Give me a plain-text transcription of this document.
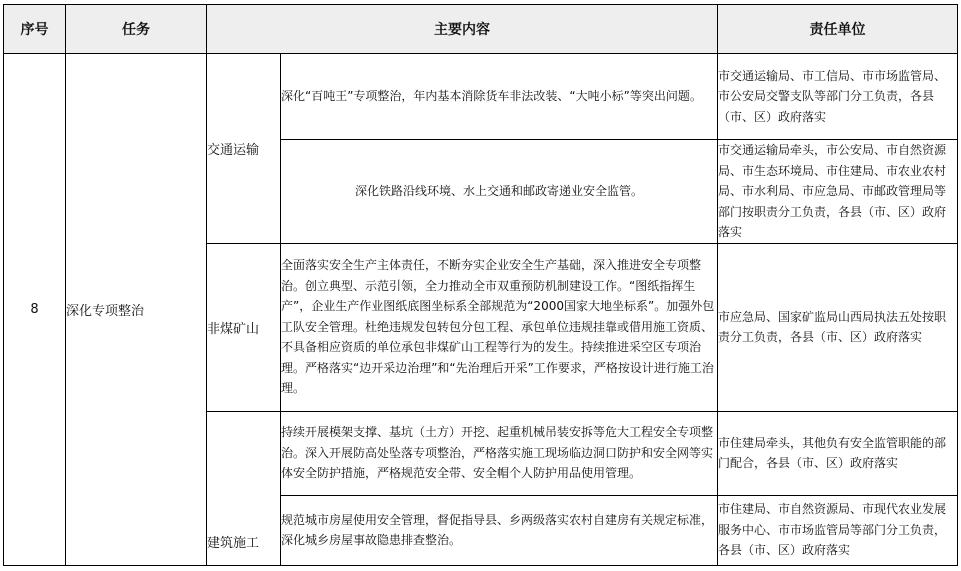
序号	任务	主要内容		责任单位
8	深化专项整治	交通运输	深化“百吨王”专项整治，年内基本消除货车非法改装、“大吨小标”等突出问题。	市交通运输局、市工信局、市市场监管局、市公安局交警支队等部门分工负责，各县（市、区）政府落实
			深化铁路沿线环境、水上交通和邮政寄递业安全监管。	市交通运输局牵头，市公安局、市自然资源局、市生态环境局、市住建局、市农业农村局、市水利局、市应急局、市邮政管理局等部门按职责分工负责，各县（市、区）政府落实
		非煤矿山	全面落实安全生产主体责任，不断夯实企业安全生产基础，深入推进安全专项整治。创立典型、示范引领，全力推动全市双重预防机制建设工作。“图纸指挥生产”，企业生产作业图纸底图坐标系全部规范为“2000国家大地坐标系”。加强外包工队安全管理。杜绝违规发包转包分包工程、承包单位违规挂靠或借用施工资质、不具备相应资质的单位承包非煤矿山工程等行为的发生。持续推进采空区专项治理。严格落实“边开采边治理”和“先治理后开采”工作要求，严格按设计进行施工治理。	市应急局、国家矿监局山西局执法五处按职责分工负责，各县（市、区）政府落实
		建筑施工	持续开展模架支撑、基坑（土方）开挖、起重机械吊装安拆等危大工程安全专项整治。深入开展防高处坠落专项整治，严格落实施工现场临边洞口防护和安全网等实体安全防护措施，严格规范安全带、安全帽个人防护用品使用管理。	市住建局牵头，其他负有安全监管职能的部门配合，各县（市、区）政府落实
			规范城市房屋使用安全管理，督促指导县、乡两级落实农村自建房有关规定标准，深化城乡房屋事故隐患排查整治。	市住建局、市自然资源局、市现代农业发展服务中心、市市场监管局等部门分工负责，各县（市、区）政府落实
